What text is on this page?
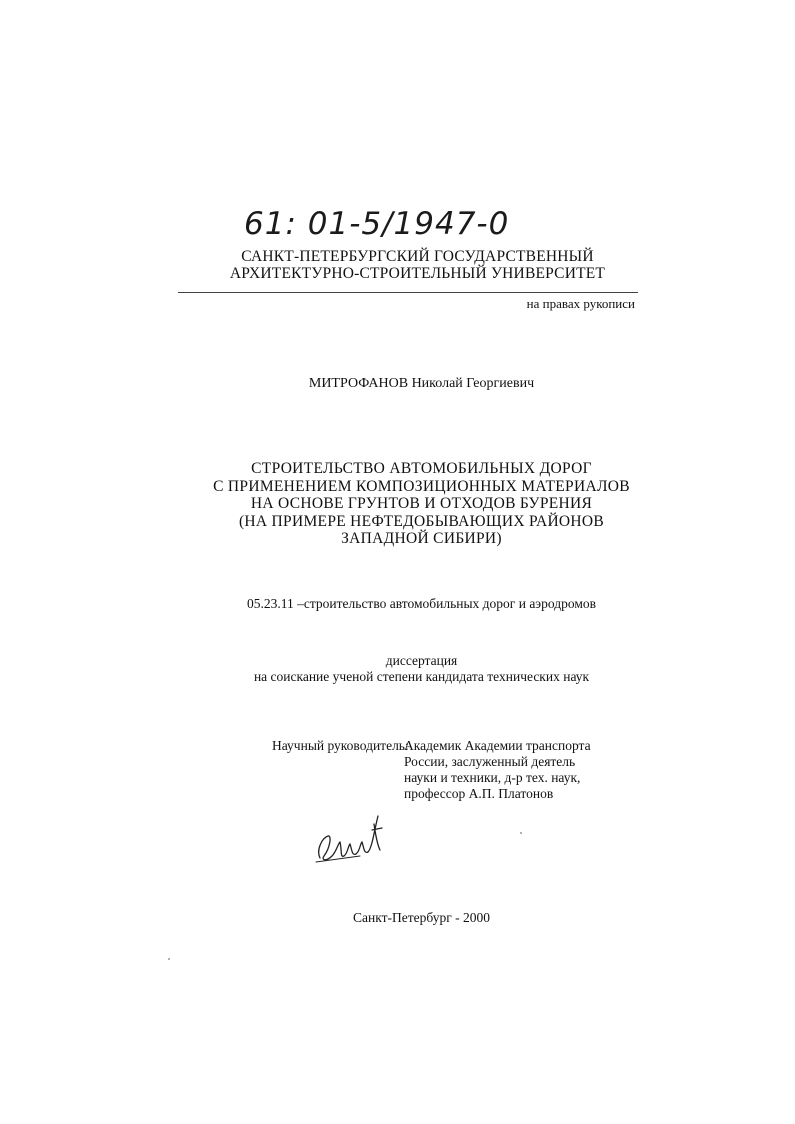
61: 01-5/1947-0
САНКТ-ПЕТЕРБУРГСКИЙ ГОСУДАРСТВЕННЫЙ
АРХИТЕКТУРНО-СТРОИТЕЛЬНЫЙ УНИВЕРСИТЕТ
на правах рукописи
МИТРОФАНОВ Николай Георгиевич
СТРОИТЕЛЬСТВО АВТОМОБИЛЬНЫХ ДОРОГ
С ПРИМЕНЕНИЕМ КОМПОЗИЦИОННЫХ МАТЕРИАЛОВ
НА ОСНОВЕ ГРУНТОВ И ОТХОДОВ БУРЕНИЯ
(НА ПРИМЕРЕ НЕФТЕДОБЫВАЮЩИХ РАЙОНОВ
ЗАПАДНОЙ СИБИРИ)
05.23.11 –строительство автомобильных дорог и аэродромов
диссертация
на соискание ученой степени кандидата технических наук
Научный руководитель:
Академик Академии транспорта
России, заслуженный деятель
науки и техники, д-р тех. наук,
профессор А.П. Платонов
Санкт-Петербург - 2000
